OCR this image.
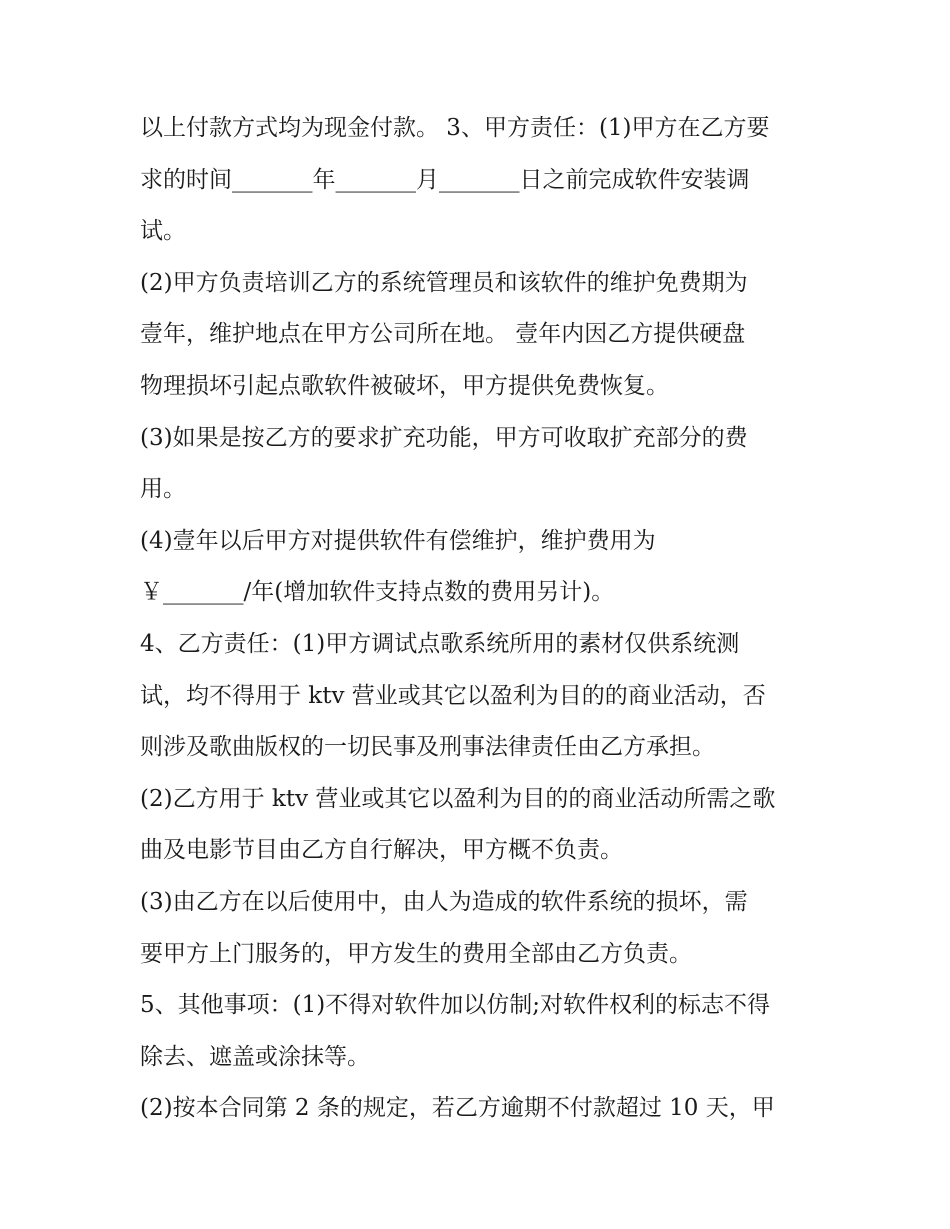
以上付款方式均为现金付款。 3、甲方责任：(1)甲方在乙方要
求的时间_______年_______月_______日之前完成软件安装调
试。
(2)甲方负责培训乙方的系统管理员和该软件的维护免费期为
壹年，维护地点在甲方公司所在地。 壹年内因乙方提供硬盘
物理损坏引起点歌软件被破坏，甲方提供免费恢复。
(3)如果是按乙方的要求扩充功能，甲方可收取扩充部分的费
用。
(4)壹年以后甲方对提供软件有偿维护，维护费用为
￥_______/年(增加软件支持点数的费用另计)。
4、乙方责任：(1)甲方调试点歌系统所用的素材仅供系统测
试，均不得用于 ktv 营业或其它以盈利为目的的商业活动，否
则涉及歌曲版权的一切民事及刑事法律责任由乙方承担。
(2)乙方用于 ktv 营业或其它以盈利为目的的商业活动所需之歌
曲及电影节目由乙方自行解决，甲方概不负责。
(3)由乙方在以后使用中，由人为造成的软件系统的损坏，需
要甲方上门服务的，甲方发生的费用全部由乙方负责。
5、其他事项：(1)不得对软件加以仿制;对软件权利的标志不得
除去、遮盖或涂抹等。
(2)按本合同第 2 条的规定，若乙方逾期不付款超过 10 天，甲
